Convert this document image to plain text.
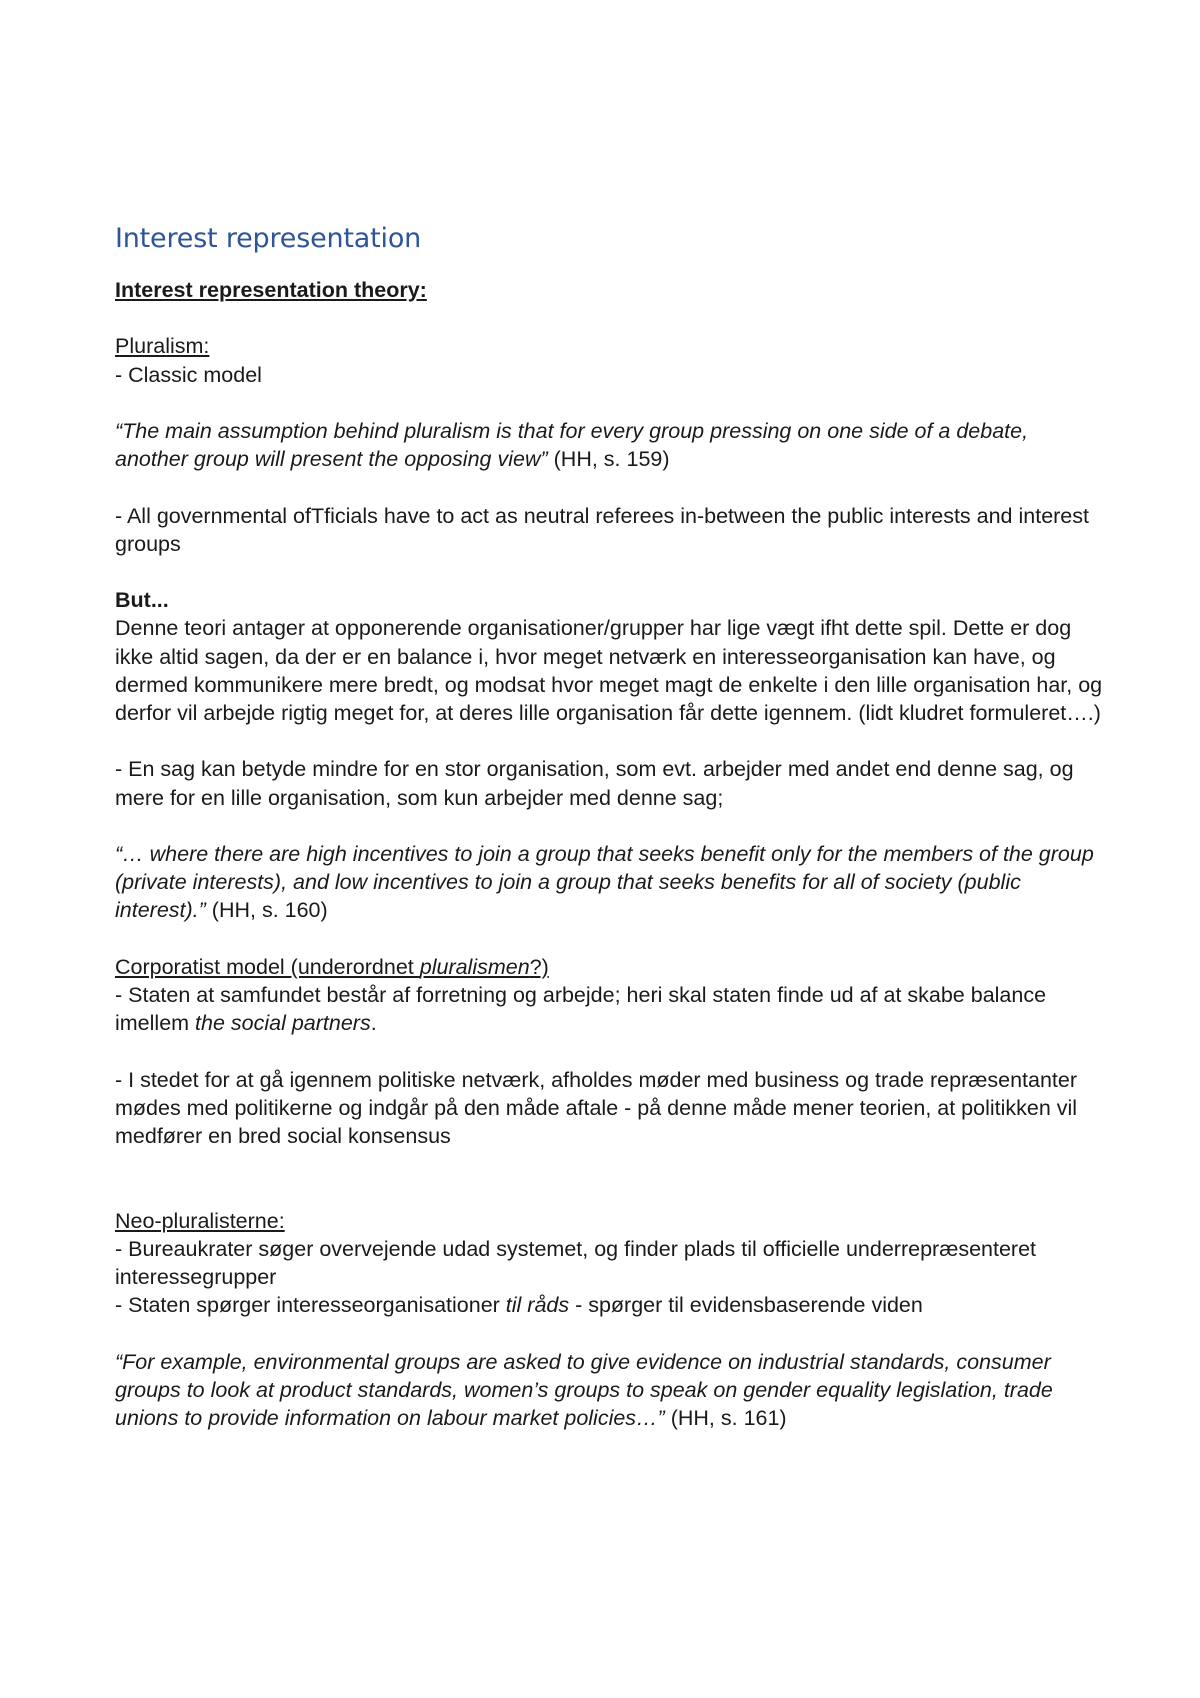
Interest representation

Interest representation theory:

Pluralism:
- Classic model

“The main assumption behind pluralism is that for every group pressing on one side of a debate, another group will present the opposing view” (HH, s. 159)

- All governmental ofTficials have to act as neutral referees in-between the public interests and interest groups

But...

Denne teori antager at opponerende organisationer/grupper har lige vægt ifht dette spil. Dette er dog ikke altid sagen, da der er en balance i, hvor meget netværk en interesseorganisation kan have, og dermed kommunikere mere bredt, og modsat hvor meget magt de enkelte i den lille organisation har, og derfor vil arbejde rigtig meget for, at deres lille organisation får dette igennem. (lidt kludret formuleret….)

- En sag kan betyde mindre for en stor organisation, som evt. arbejder med andet end denne sag, og mere for en lille organisation, som kun arbejder med denne sag;

“… where there are high incentives to join a group that seeks benefit only for the members of the group (private interests), and low incentives to join a group that seeks benefits for all of society (public interest).” (HH, s. 160)

Corporatist model (underordnet pluralismen?)

- Staten at samfundet består af forretning og arbejde; heri skal staten finde ud af at skabe balance imellem the social partners.

- I stedet for at gå igennem politiske netværk, afholdes møder med business og trade repræsentanter mødes med politikerne og indgår på den måde aftale - på denne måde mener teorien, at politikken vil medfører en bred social konsensus

Neo-pluralisterne:

- Bureaukrater søger overvejende udad systemet, og finder plads til officielle underrepræsenteret interessegrupper

- Staten spørger interesseorganisationer til råds - spørger til evidensbaserende viden

“For example, environmental groups are asked to give evidence on industrial standards, consumer groups to look at product standards, women’s groups to speak on gender equality legislation, trade unions to provide information on labour market policies…” (HH, s. 161)
